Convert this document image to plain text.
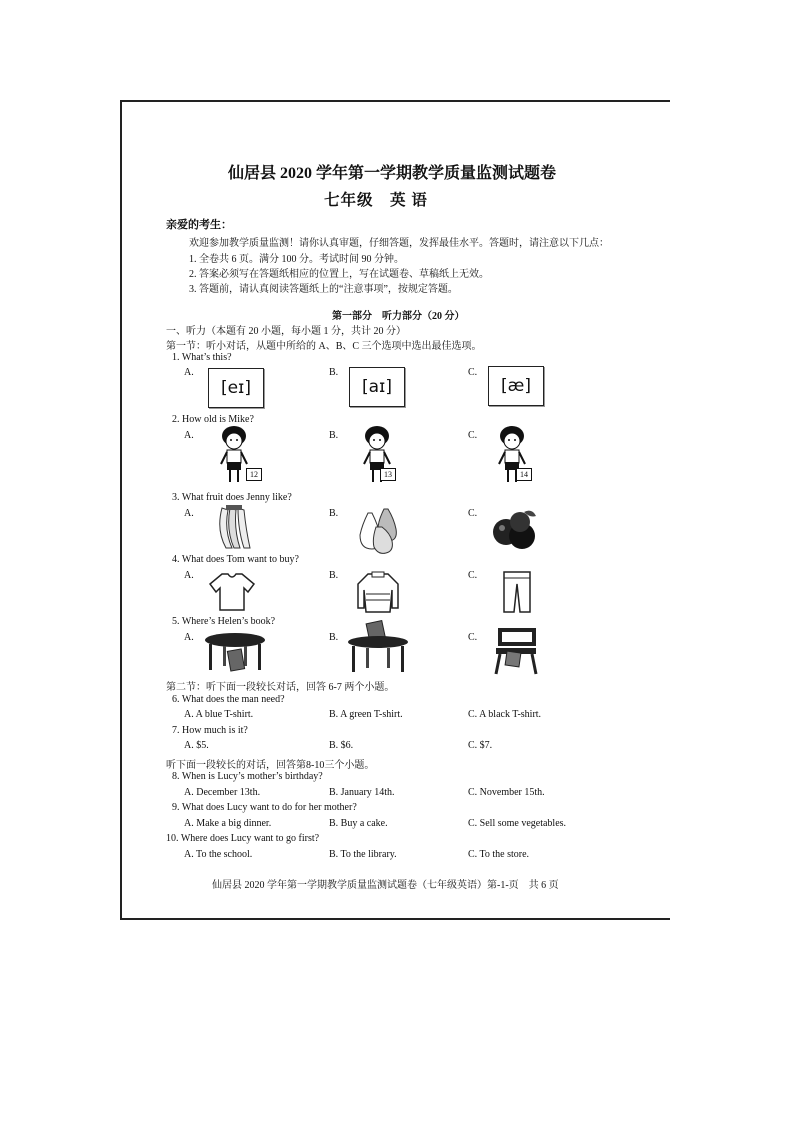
仙居县 2020 学年第一学期教学质量监测试题卷
七年级　英 语
亲爱的考生：
欢迎参加教学质量监测！请你认真审题，仔细答题，发挥最佳水平。答题时，请注意以下几点：
1. 全卷共 6 页。满分 100 分。考试时间 90 分钟。
2. 答案必须写在答题纸相应的位置上，写在试题卷、草稿纸上无效。
3. 答题前，请认真阅读答题纸上的“注意事项”，按规定答题。
第一部分　听力部分（20 分）
一、听力（本题有 20 小题，每小题 1 分，共计 20 分）
第一节：听小对话，从题中所给的 A、B、C 三个选项中选出最佳选项。
1. What’s this?
A.
[eɪ]
B.
[aɪ]
C.
[æ]
2. How old is Mike?
A.	B.	C.
12	13	14
3. What fruit does Jenny like?
A.	B.	C.
4. What does Tom want to buy?
A.	B.	C.
5. Where’s Helen’s book?
A.	B.	C.
第二节：听下面一段较长对话，回答 6-7 两个小题。
6. What does the man need?
A. A blue T-shirt.	B. A green T-shirt.	C. A black T-shirt.
7. How much is it?
A. $5.	B. $6.	C. $7.
听下面一段较长的对话，回答第8-10三个小题。
8. When is Lucy’s mother’s birthday?
A. December 13th.	B. January 14th.	C. November 15th.
9. What does Lucy want to do for her mother?
A. Make a big dinner.	B. Buy a cake.	C. Sell some vegetables.
10. Where does Lucy want to go first?
A. To the school.	B. To the library.	C. To the store.
仙居县 2020 学年第一学期教学质量监测试题卷（七年级英语）第-1-页　共 6 页
